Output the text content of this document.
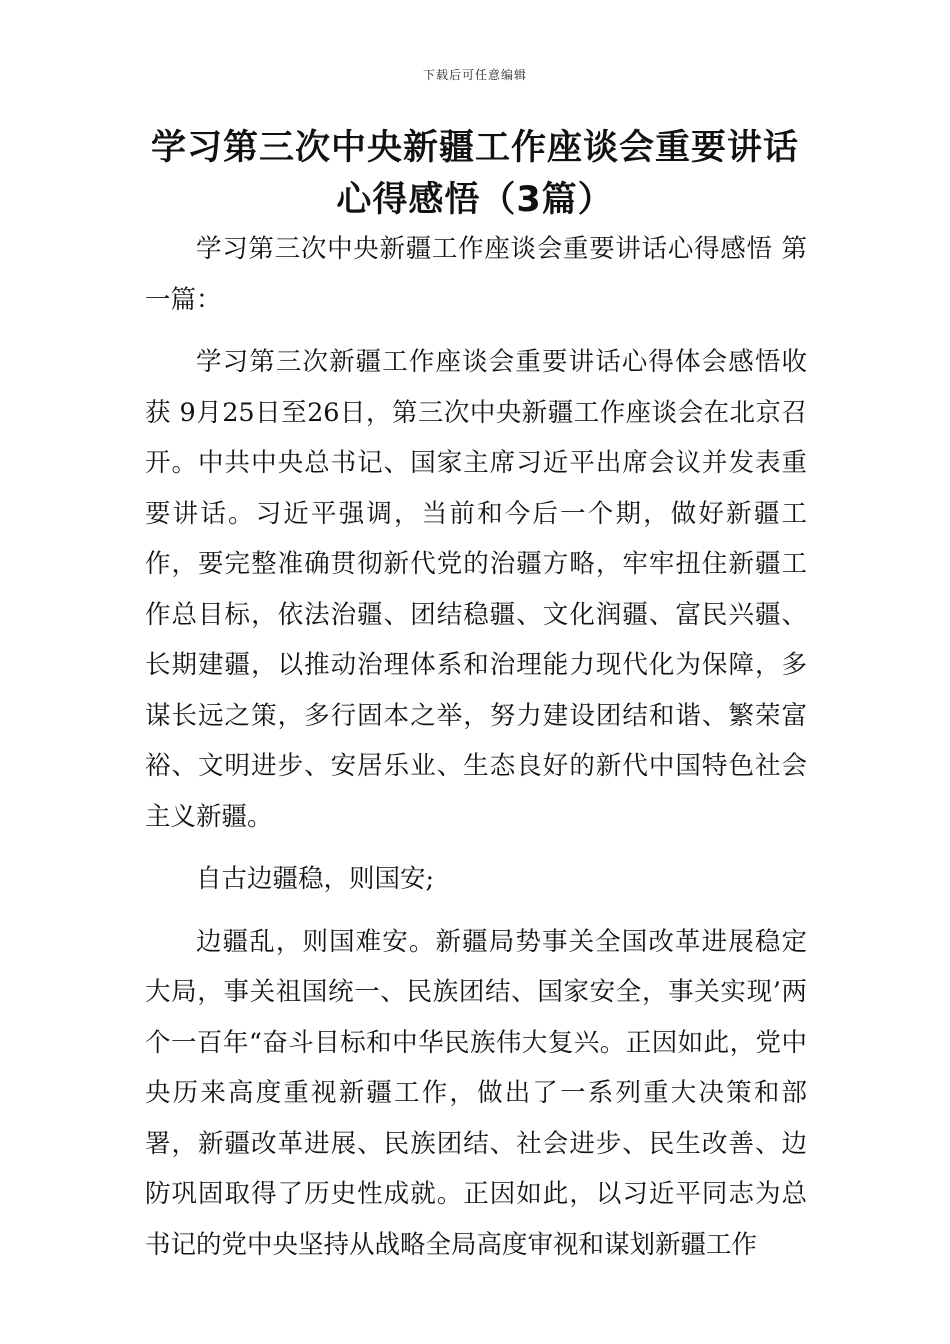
下载后可任意编辑
学习第三次中央新疆工作座谈会重要讲话
心得感悟（3篇）

学习第三次中央新疆工作座谈会重要讲话心得感悟 第一篇：

学习第三次新疆工作座谈会重要讲话心得体会感悟收获 9月25日至26日，第三次中央新疆工作座谈会在北京召开。中共中央总书记、国家主席习近平出席会议并发表重要讲话。习近平强调，当前和今后一个期，做好新疆工作，要完整准确贯彻新代党的治疆方略，牢牢扭住新疆工作总目标，依法治疆、团结稳疆、文化润疆、富民兴疆、长期建疆，以推动治理体系和治理能力现代化为保障，多谋长远之策，多行固本之举，努力建设团结和谐、繁荣富裕、文明进步、安居乐业、生态良好的新代中国特色社会主义新疆。

自古边疆稳，则国安;

边疆乱，则国难安。新疆局势事关全国改革进展稳定大局，事关祖国统一、民族团结、国家安全，事关实现’两个一百年“奋斗目标和中华民族伟大复兴。正因如此，党中央历来高度重视新疆工作，做出了一系列重大决策和部署，新疆改革进展、民族团结、社会进步、民生改善、边防巩固取得了历史性成就。正因如此，以习近平同志为总书记的党中央坚持从战略全局高度审视和谋划新疆工作
